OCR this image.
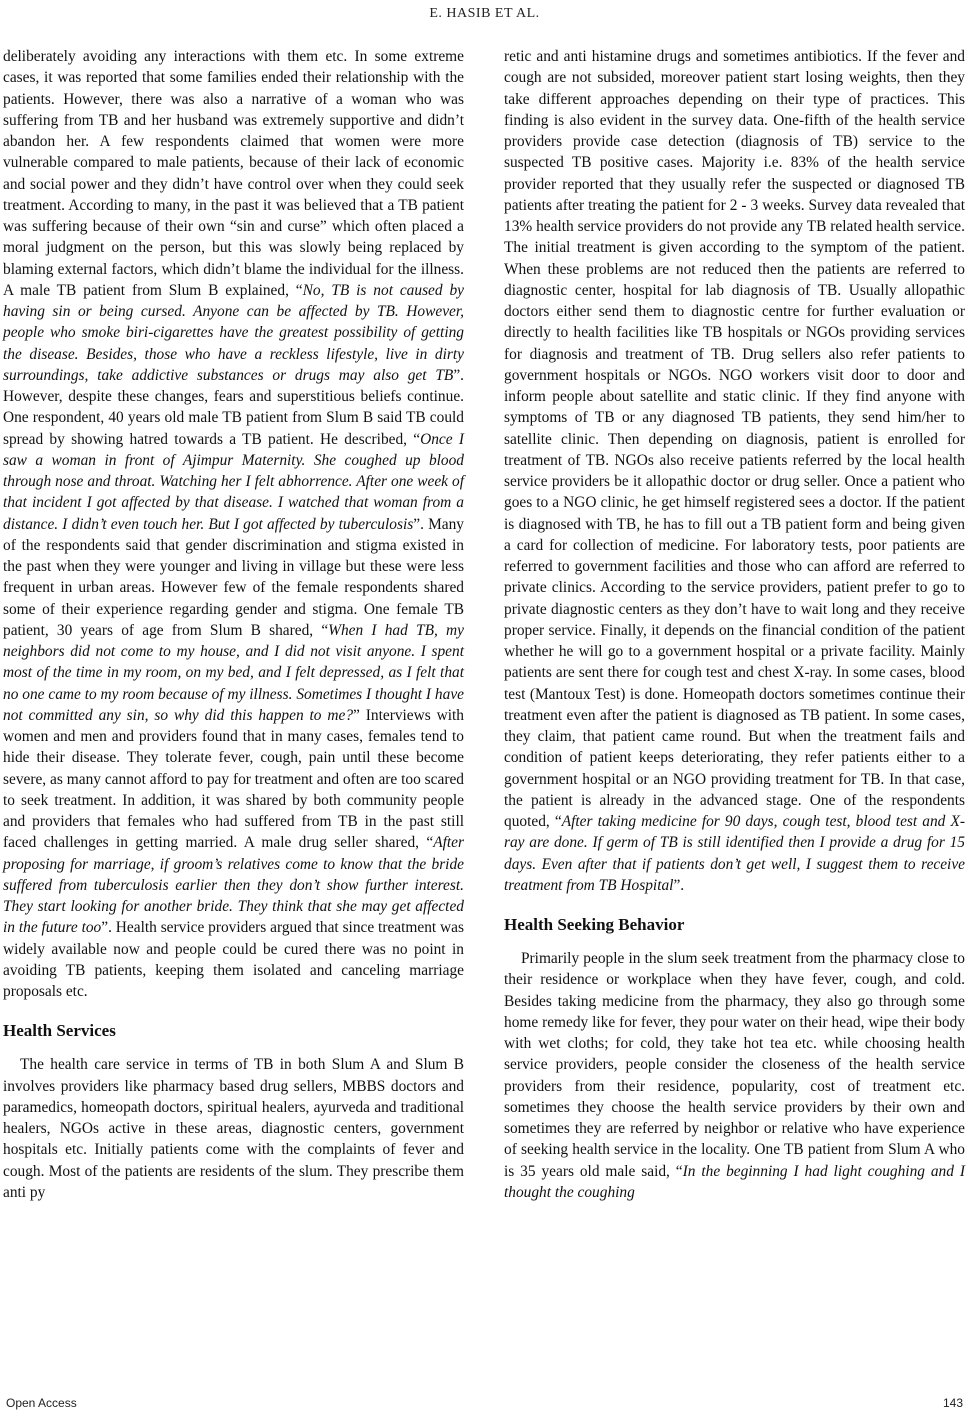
E. HASIB ET AL.

deliberately avoiding any interactions with them etc. In some extreme cases, it was reported that some families ended their relationship with the patients. However, there was also a narrative of a woman who was suffering from TB and her husband was extremely supportive and didn’t abandon her. A few respondents claimed that women were more vulnerable compared to male patients, because of their lack of economic and social power and they didn’t have control over when they could seek treatment. According to many, in the past it was believed that a TB patient was suffering because of their own “sin and curse” which often placed a moral judgment on the person, but this was slowly being replaced by blaming external factors, which didn’t blame the individual for the illness. A male TB patient from Slum B explained, “No, TB is not caused by having sin or being cursed. Anyone can be affected by TB. However, people who smoke biri-cigarettes have the greatest possibility of getting the disease. Besides, those who have a reckless lifestyle, live in dirty surroundings, take addictive substances or drugs may also get TB”. However, despite these changes, fears and superstitious beliefs continue. One respondent, 40 years old male TB patient from Slum B said TB could spread by showing hatred towards a TB patient. He described, “Once I saw a woman in front of Ajimpur Maternity. She coughed up blood through nose and throat. Watching her I felt abhorrence. After one week of that incident I got affected by that disease. I watched that woman from a distance. I didn’t even touch her. But I got affected by tuberculosis”. Many of the respondents said that gender discrimination and stigma existed in the past when they were younger and living in village but these were less frequent in urban areas. However few of the female respondents shared some of their experience regarding gender and stigma. One female TB patient, 30 years of age from Slum B shared, “When I had TB, my neighbors did not come to my house, and I did not visit anyone. I spent most of the time in my room, on my bed, and I felt depressed, as I felt that no one came to my room because of my illness. Sometimes I thought I have not committed any sin, so why did this happen to me?” Interviews with women and men and providers found that in many cases, females tend to hide their disease. They tolerate fever, cough, pain until these become severe, as many cannot afford to pay for treatment and often are too scared to seek treatment. In addition, it was shared by both community people and providers that females who had suffered from TB in the past still faced challenges in getting married. A male drug seller shared, “After proposing for marriage, if groom’s relatives come to know that the bride suffered from tuberculosis earlier then they don’t show further interest. They start looking for another bride. They think that she may get affected in the future too”. Health service providers argued that since treatment was widely available now and people could be cured there was no point in avoiding TB patients, keeping them isolated and canceling marriage proposals etc.

Health Services

The health care service in terms of TB in both Slum A and Slum B involves providers like pharmacy based drug sellers, MBBS doctors and paramedics, homeopath doctors, spiritual healers, ayurveda and traditional healers, NGOs active in these areas, diagnostic centers, government hospitals etc. Initially patients come with the complaints of fever and cough. Most of the patients are residents of the slum. They prescribe them anti py

retic and anti histamine drugs and sometimes antibiotics. If the fever and cough are not subsided, moreover patient start losing weights, then they take different approaches depending on their type of practices. This finding is also evident in the survey data. One-fifth of the health service providers provide case detection (diagnosis of TB) service to the suspected TB positive cases. Majority i.e. 83% of the health service provider reported that they usually refer the suspected or diagnosed TB patients after treating the patient for 2 - 3 weeks. Survey data revealed that 13% health service providers do not provide any TB related health service. The initial treatment is given according to the symptom of the patient. When these problems are not reduced then the patients are referred to diagnostic center, hospital for lab diagnosis of TB. Usually allopathic doctors either send them to diagnostic centre for further evaluation or directly to health facilities like TB hospitals or NGOs providing services for diagnosis and treatment of TB. Drug sellers also refer patients to government hospitals or NGOs. NGO workers visit door to door and inform people about satellite and static clinic. If they find anyone with symptoms of TB or any diagnosed TB patients, they send him/her to satellite clinic. Then depending on diagnosis, patient is enrolled for treatment of TB. NGOs also receive patients referred by the local health service providers be it allopathic doctor or drug seller. Once a patient who goes to a NGO clinic, he get himself registered sees a doctor. If the patient is diagnosed with TB, he has to fill out a TB patient form and being given a card for collection of medicine. For laboratory tests, poor patients are referred to government facilities and those who can afford are referred to private clinics. According to the service providers, patient prefer to go to private diagnostic centers as they don’t have to wait long and they receive proper service. Finally, it depends on the financial condition of the patient whether he will go to a government hospital or a private facility. Mainly patients are sent there for cough test and chest X-ray. In some cases, blood test (Mantoux Test) is done. Homeopath doctors sometimes continue their treatment even after the patient is diagnosed as TB patient. In some cases, they claim, that patient came round. But when the treatment fails and condition of patient keeps deteriorating, they refer patients either to a government hospital or an NGO providing treatment for TB. In that case, the patient is already in the advanced stage. One of the respondents quoted, “After taking medicine for 90 days, cough test, blood test and X-ray are done. If germ of TB is still identified then I provide a drug for 15 days. Even after that if patients don’t get well, I suggest them to receive treatment from TB Hospital”.

Health Seeking Behavior

Primarily people in the slum seek treatment from the pharmacy close to their residence or workplace when they have fever, cough, and cold. Besides taking medicine from the pharmacy, they also go through some home remedy like for fever, they pour water on their head, wipe their body with wet cloths; for cold, they take hot tea etc. while choosing health service providers, people consider the closeness of the health service providers from their residence, popularity, cost of treatment etc. sometimes they choose the health service providers by their own and sometimes they are referred by neighbor or relative who have experience of seeking health service in the locality. One TB patient from Slum A who is 35 years old male said, “In the beginning I had light coughing and I thought the coughing

Open Access	143
